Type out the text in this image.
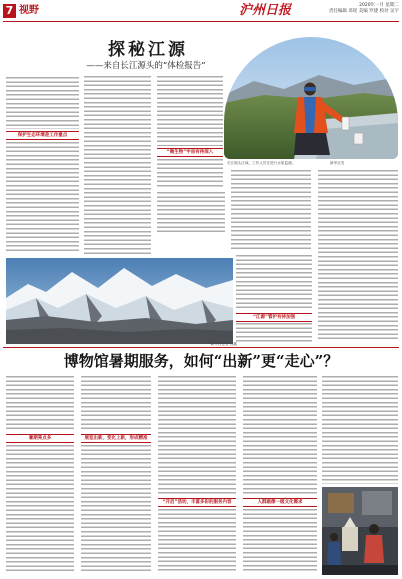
7 视野	沪州日报	2020年一月 星期二
责任编辑 邓瑶 美编 罗建 校对 吴宇
探秘江源
——来自长江源头的“体检报告”
保护生态环境是工作重点
“微生物”宇宙有待深入
长江源头区域，工作人员在进行水质监测。	新华社发
“江源”管护有待加强
新华社记者 程鑫
博物馆暑期服务，如何“出新”更“走心”？
暑期亮点多	展览出新，变化上新，形成精准
“开启”活动，丰富多彩的服务内容	人群画像一级文化需求
